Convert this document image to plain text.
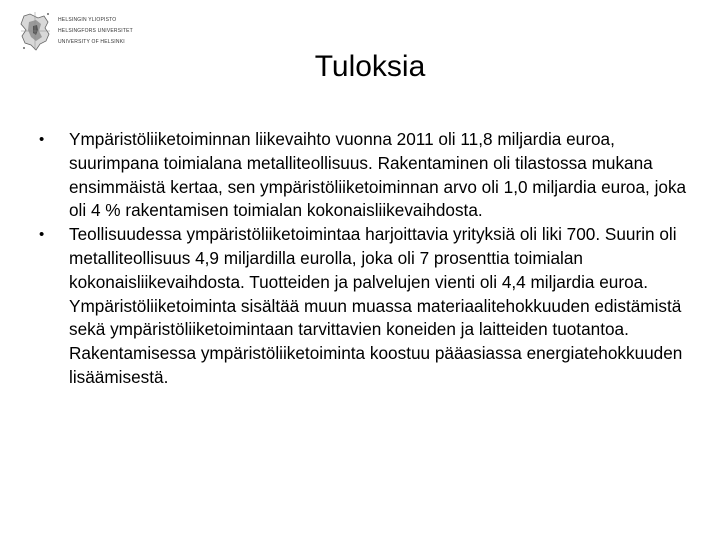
HELSINGIN YLIOPISTO
HELSINGFORS UNIVERSITET
UNIVERSITY OF HELSINKI
Tuloksia
• Ympäristöliiketoiminnan liikevaihto vuonna 2011 oli 11,8 miljardia euroa, suurimpana toimialana metalliteollisuus. Rakentaminen oli tilastossa mukana ensimmäistä kertaa, sen ympäristöliiketoiminnan arvo oli 1,0 miljardia euroa, joka oli 4 % rakentamisen toimialan kokonaisliikevaihdosta.
• Teollisuudessa ympäristöliiketoimintaa harjoittavia yrityksiä oli liki 700. Suurin oli metalliteollisuus 4,9 miljardilla eurolla, joka oli 7 prosenttia toimialan kokonaisliikevaihdosta. Tuotteiden ja palvelujen vienti oli 4,4 miljardia euroa. Ympäristöliiketoiminta sisältää muun muassa materiaalitehokkuuden edistämistä sekä ympäristöliiketoimintaan tarvittavien koneiden ja laitteiden tuotantoa. Rakentamisessa ympäristöliiketoiminta koostuu pääasiassa energiatehokkuuden lisäämisestä.
